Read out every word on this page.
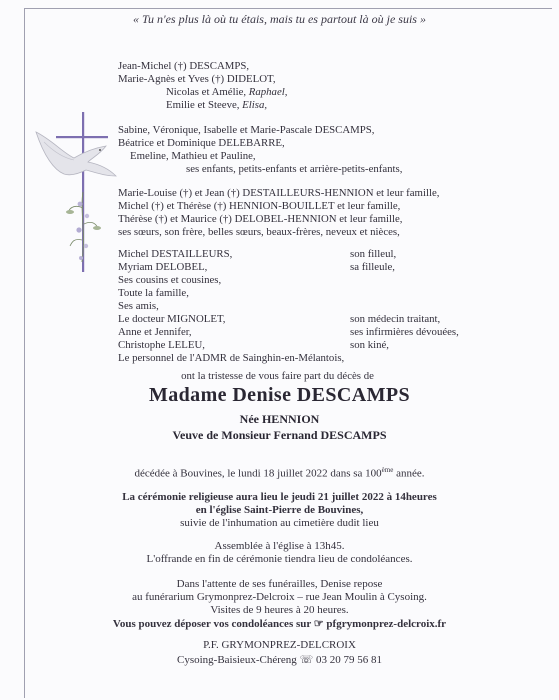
« Tu n'es plus là où tu étais, mais tu es partout là où je suis »
Jean-Michel (†) DESCAMPS,
Marie-Agnès et Yves (†) DIDELOT,
Nicolas et Amélie, Raphael,
Emilie et Steeve, Elisa,
Sabine, Véronique, Isabelle et Marie-Pascale DESCAMPS,
Béatrice et Dominique DELEBARRE,
Emeline, Mathieu et Pauline,
ses enfants, petits-enfants et arrière-petits-enfants,
Marie-Louise (†) et Jean (†) DESTAILLEURS-HENNION et leur famille,
Michel (†) et Thérèse (†) HENNION-BOUILLET et leur famille,
Thérèse (†) et Maurice (†) DELOBEL-HENNION et leur famille,
ses sœurs, son frère, belles sœurs, beaux-frères, neveux et nièces,
Michel DESTAILLEURS,	son filleul,
Myriam DELOBEL,	sa filleule,
Ses cousins et cousines,
Toute la famille,
Ses amis,
Le docteur MIGNOLET,	son médecin traitant,
Anne et Jennifer,	ses infirmières dévouées,
Christophe LELEU,	son kiné,
Le personnel de l'ADMR de Sainghin-en-Mélantois,
ont la tristesse de vous faire part du décès de
Madame Denise DESCAMPS
Née HENNION
Veuve de Monsieur Fernand DESCAMPS
décédée à Bouvines, le lundi 18 juillet 2022 dans sa 100ème année.
La cérémonie religieuse aura lieu le jeudi 21 juillet 2022 à 14heures
en l'église Saint-Pierre de Bouvines,
suivie de l'inhumation au cimetière dudit lieu
Assemblée à l'église à 13h45.
L'offrande en fin de cérémonie tiendra lieu de condoléances.
Dans l'attente de ses funérailles, Denise repose
au funérarium Grymonprez-Delcroix – rue Jean Moulin à Cysoing.
Visites de 9 heures à 20 heures.
Vous pouvez déposer vos condoléances sur ☞ pfgrymonprez-delcroix.fr
P.F. GRYMONPREZ-DELCROIX
Cysoing-Baisieux-Chéreng ☏ 03 20 79 56 81
